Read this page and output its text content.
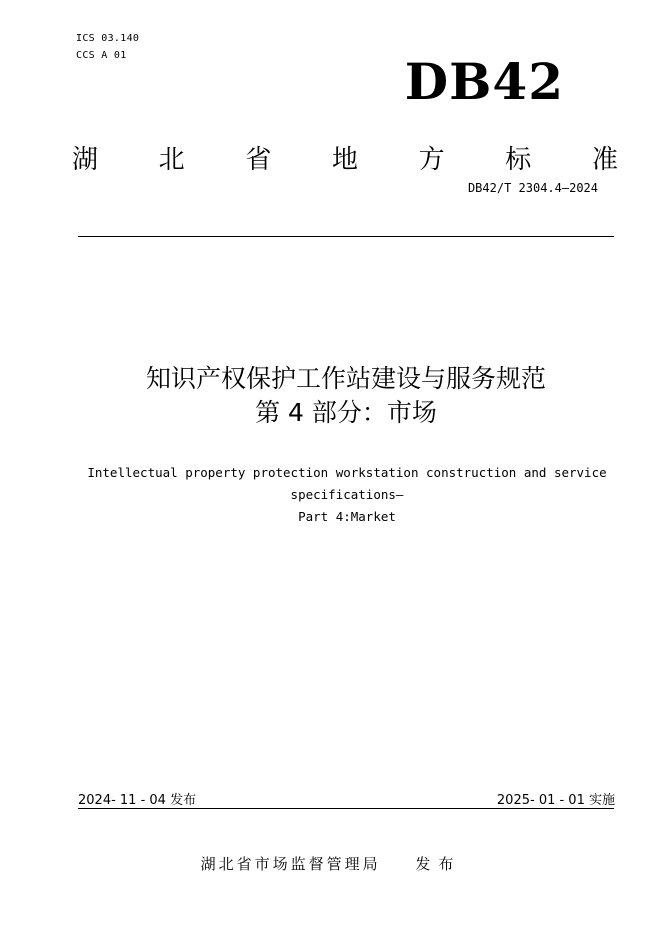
ICS 03.140
CCS A 01	DB42
湖 北 省 地 方 标 准
DB42/T 2304.4—2024
知识产权保护工作站建设与服务规范
第 4 部分：市场
Intellectual property protection workstation construction and service
specifications—
Part 4:Market
2024- 11 - 04 发布	2025- 01 - 01 实施
湖北省市场监督管理局 发布
